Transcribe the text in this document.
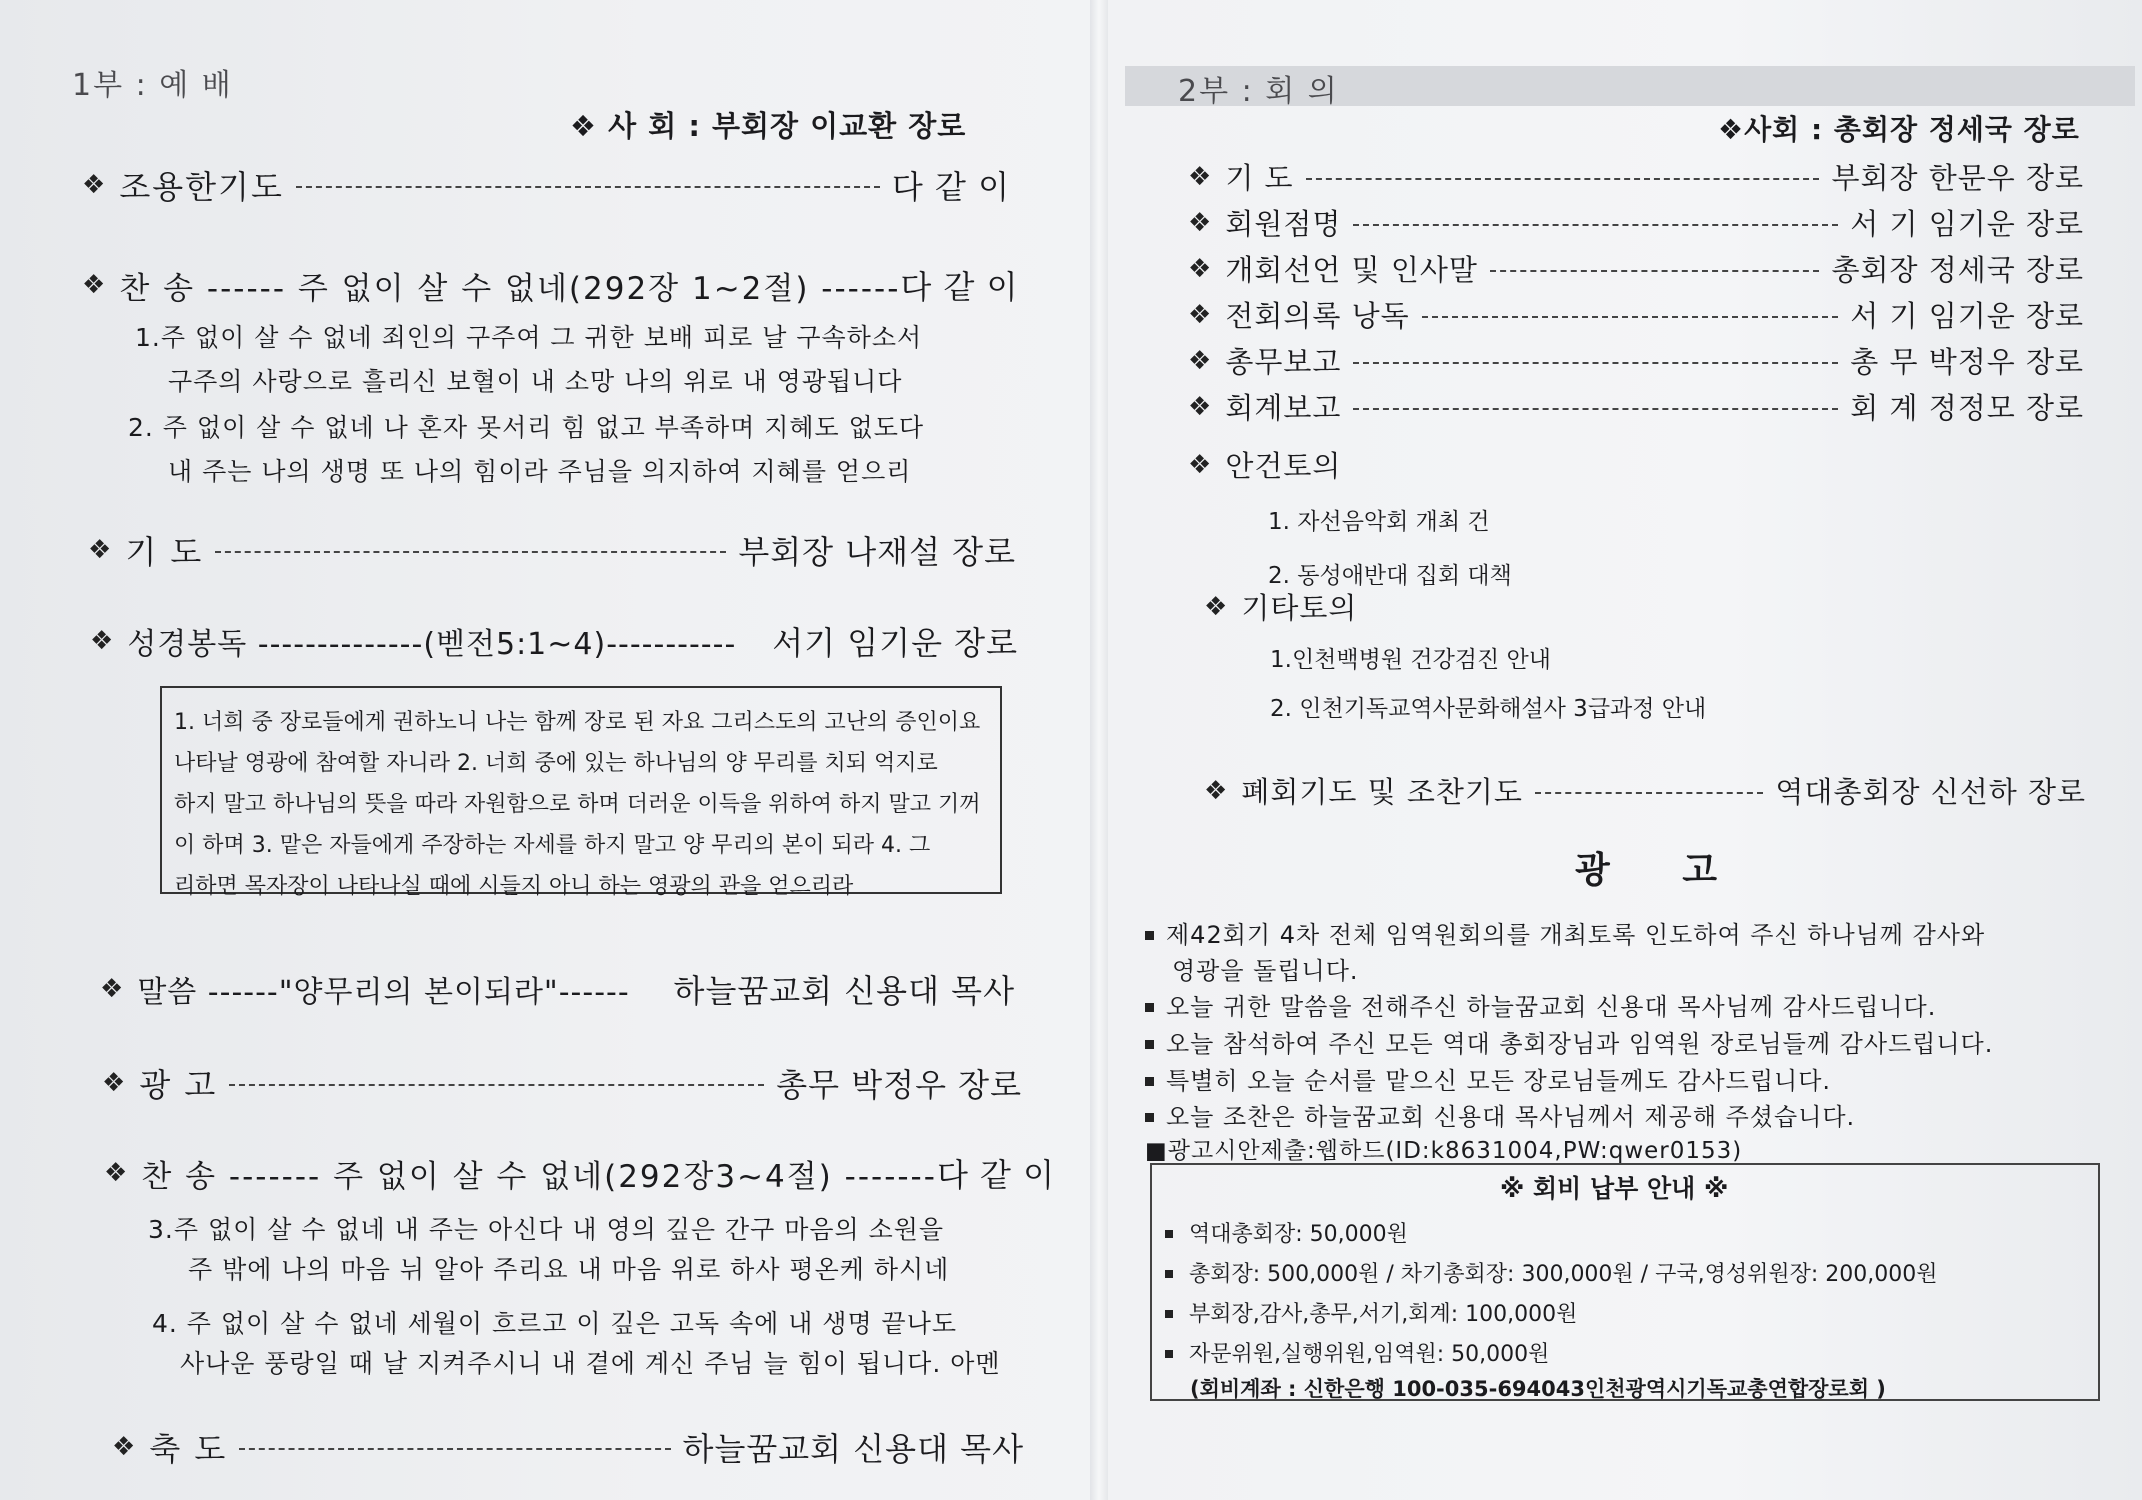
1부 : 예 배
❖ 사 회 : 부회장 이교환 장로
❖ 조용한기도	다 같 이
❖ 찬 송 ------ 주 없이 살 수 없네(292장 1~2절) ------ 다 같 이
1.주 없이 살 수 없네 죄인의 구주여 그 귀한 보배 피로 날 구속하소서
구주의 사랑으로 흘리신 보혈이 내 소망 나의 위로 내 영광됩니다
2. 주 없이 살 수 없네 나 혼자 못서리 힘 없고 부족하며 지혜도 없도다
내 주는 나의 생명 또 나의 힘이라 주님을 의지하여 지혜를 얻으리
❖ 기 도	부회장 나재설 장로
❖ 성경봉독 --------------(벧전5:1~4)----------- 서기 임기운 장로
1. 너희 중 장로들에게 권하노니 나는 함께 장로 된 자요 그리스도의 고난의 증인이요
나타날 영광에 참여할 자니라 2. 너희 중에 있는 하나님의 양 무리를 치되 억지로
하지 말고 하나님의 뜻을 따라 자원함으로 하며 더러운 이득을 위하여 하지 말고 기꺼
이 하며 3. 맡은 자들에게 주장하는 자세를 하지 말고 양 무리의 본이 되라 4. 그
리하면 목자장이 나타나실 때에 시들지 아니 하는 영광의 관을 얻으리라
❖ 말씀 ------"양무리의 본이되라"------ 하늘꿈교회 신용대 목사
❖ 광 고	총무 박정우 장로
❖ 찬 송 ------- 주 없이 살 수 없네(292장3~4절) ------- 다 같 이
3.주 없이 살 수 없네 내 주는 아신다 내 영의 깊은 간구 마음의 소원을
주 밖에 나의 마음 뉘 알아 주리요 내 마음 위로 하사 평온케 하시네
4. 주 없이 살 수 없네 세월이 흐르고 이 깊은 고독 속에 내 생명 끝나도
사나운 풍랑일 때 날 지켜주시니 내 곁에 계신 주님 늘 힘이 됩니다. 아멘
❖ 축 도	하늘꿈교회 신용대 목사
2부 : 회 의
❖사회 : 총회장 정세국 장로
❖ 기 도	부회장 한문우 장로
❖ 회원점명	서 기 임기운 장로
❖ 개회선언 및 인사말	총회장 정세국 장로
❖ 전회의록 낭독	서 기 임기운 장로
❖ 총무보고	총 무 박정우 장로
❖ 회계보고	회 계 정정모 장로
❖ 안건토의
1. 자선음악회 개최 건
2. 동성애반대 집회 대책
❖ 기타토의
1.인천백병원 건강검진 안내
2. 인천기독교역사문화해설사 3급과정 안내
❖ 폐회기도 및 조찬기도	역대총회장 신선하 장로
광 고
제42회기 4차 전체 임역원회의를 개최토록 인도하여 주신 하나님께 감사와
영광을 돌립니다.
오늘 귀한 말씀을 전해주신 하늘꿈교회 신용대 목사님께 감사드립니다.
오늘 참석하여 주신 모든 역대 총회장님과 임역원 장로님들께 감사드립니다.
특별히 오늘 순서를 맡으신 모든 장로님들께도 감사드립니다.
오늘 조찬은 하늘꿈교회 신용대 목사님께서 제공해 주셨습니다.
■광고시안제출:웹하드(ID:k8631004,PW:qwer0153)
※ 회비 납부 안내 ※
역대총회장: 50,000원
총회장: 500,000원 / 차기총회장: 300,000원 / 구국,영성위원장: 200,000원
부회장,감사,총무,서기,회계: 100,000원
자문위원,실행위원,임역원: 50,000원
(회비계좌 : 신한은행 100-035-694043인천광역시기독교총연합장로회 )
